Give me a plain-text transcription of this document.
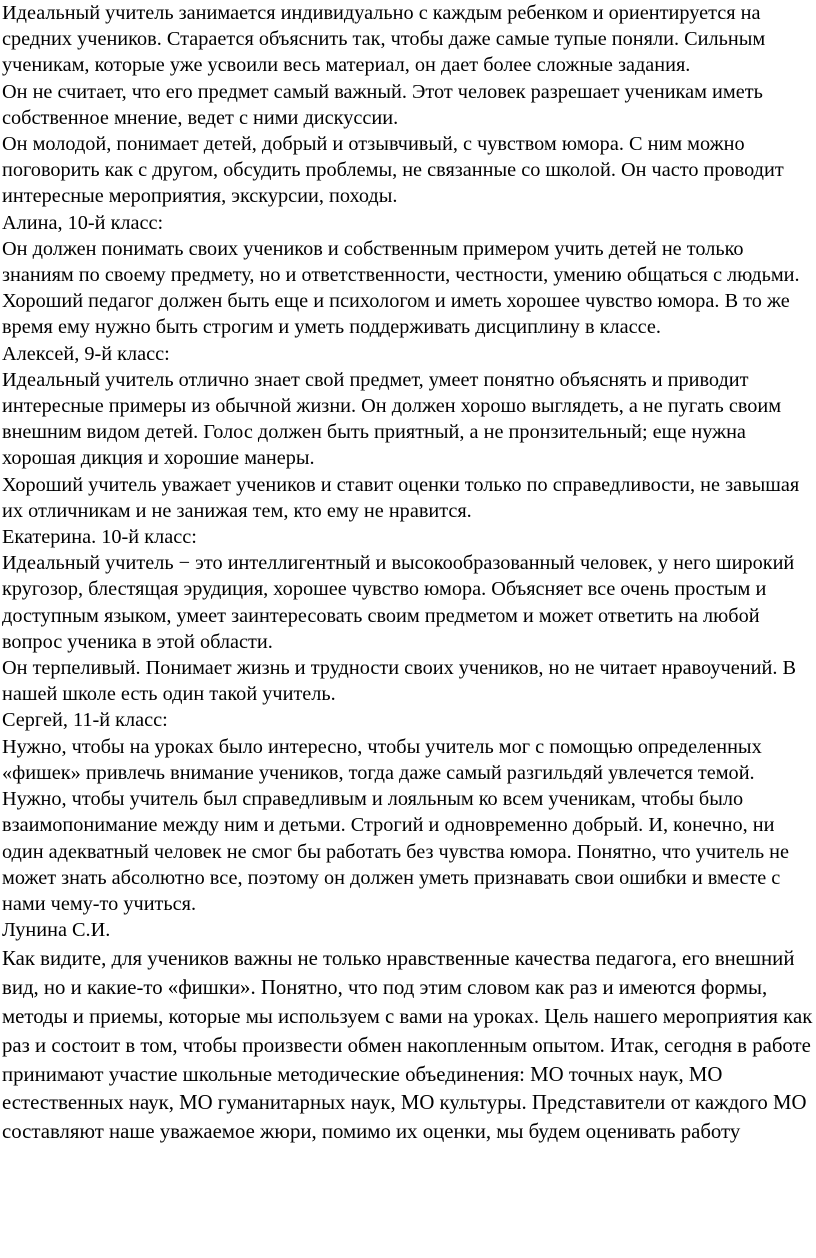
Идеальный учитель занимается индивидуально с каждым ребенком и ориентируется на средних учеников. Старается объяснить так, чтобы даже самые тупые поняли. Сильным ученикам, которые уже усвоили весь материал, он дает более сложные задания.

Он не считает, что его предмет самый важный. Этот человек разрешает ученикам иметь собственное мнение, ведет с ними дискуссии.

Он молодой, понимает детей, добрый и отзывчивый, с чувством юмора. С ним можно поговорить как с другом, обсудить проблемы, не связанные со школой. Он часто проводит интересные мероприятия, экскурсии, походы.

Алина, 10-й класс:

Он должен понимать своих учеников и собственным примером учить детей не только знаниям по своему предмету, но и ответственности, честности, умению общаться с людьми. Хороший педагог должен быть еще и психологом и иметь хорошее чувство юмора. В то же время ему нужно быть строгим и уметь поддерживать дисциплину в классе.

Алексей, 9-й класс:

Идеальный учитель отлично знает свой предмет, умеет понятно объяснять и приводит интересные примеры из обычной жизни. Он должен хорошо выглядеть, а не пугать своим внешним видом детей. Голос должен быть приятный, а не пронзительный; еще нужна хорошая дикция и хорошие манеры.

Хороший учитель уважает учеников и ставит оценки только по справедливости, не завышая их отличникам и не занижая тем, кто ему не нравится.

Екатерина. 10-й класс:

Идеальный учитель − это интеллигентный и высокообразованный человек, у него широкий кругозор, блестящая эрудиция, хорошее чувство юмора. Объясняет все очень простым и доступным языком, умеет заинтересовать своим предметом и может ответить на любой вопрос ученика в этой области.

Он терпеливый. Понимает жизнь и трудности своих учеников, но не читает нравоучений. В нашей школе есть один такой учитель.

Сергей, 11-й класс:

Нужно, чтобы на уроках было интересно, чтобы учитель мог с помощью определенных «фишек» привлечь внимание учеников, тогда даже самый разгильдяй увлечется темой.

Нужно, чтобы учитель был справедливым и лояльным ко всем ученикам, чтобы было взаимопонимание между ним и детьми. Строгий и одновременно добрый. И, конечно, ни один адекватный человек не смог бы работать без чувства юмора. Понятно, что учитель не может знать абсолютно все, поэтому он должен уметь признавать свои ошибки и вместе с нами чему-то учиться.

Лунина С.И.

Как видите, для учеников важны не только нравственные качества педагога, его внешний вид, но и какие-то «фишки». Понятно, что под этим словом как раз и имеются формы, методы и приемы, которые мы используем с вами на уроках. Цель нашего мероприятия как раз и состоит в том, чтобы произвести обмен накопленным опытом. Итак, сегодня в работе принимают участие школьные методические объединения: МО точных наук, МО естественных наук, МО гуманитарных наук, МО культуры. Представители от каждого МО составляют наше уважаемое жюри, помимо их оценки, мы будем оценивать работу
